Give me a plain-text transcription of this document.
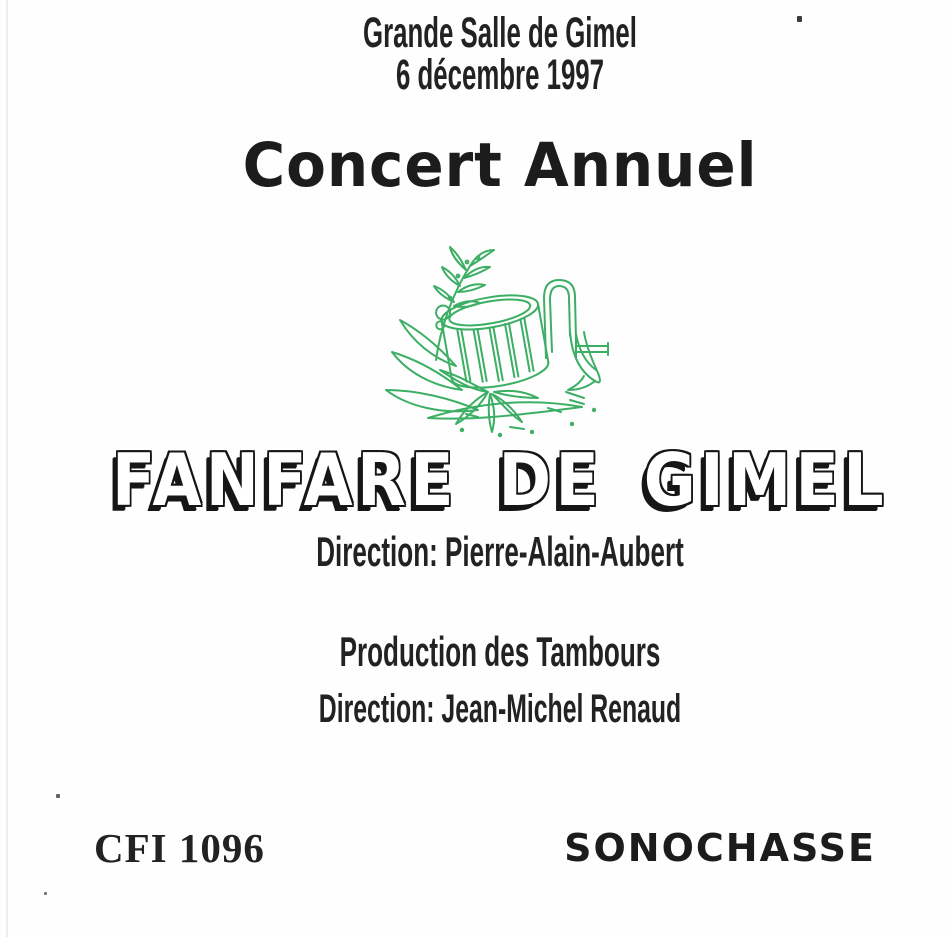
Grande Salle de Gimel
6 décembre 1997
Concert Annuel
FANFARE DE GIMEL
Direction: Pierre-Alain-Aubert
Production des Tambours
Direction: Jean-Michel Renaud
CFI 1096	SONOCHASSE
